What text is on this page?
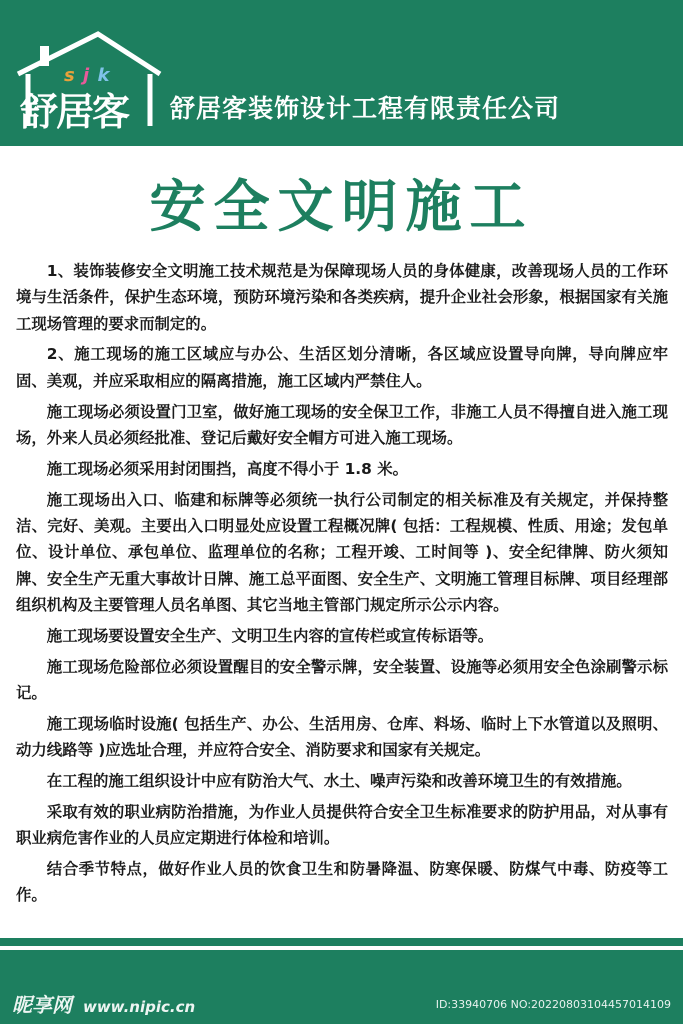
s j k
舒居客	舒居客装饰设计工程有限责任公司
安全文明施工

1、装饰装修安全文明施工技术规范是为保障现场人员的身体健康，改善现场人员的工作环境与生活条件，保护生态环境，预防环境污染和各类疾病，提升企业社会形象，根据国家有关施工现场管理的要求而制定的。

2、施工现场的施工区域应与办公、生活区划分清晰，各区域应设置导向牌，导向牌应牢固、美观，并应采取相应的隔离措施，施工区域内严禁住人。

施工现场必须设置门卫室，做好施工现场的安全保卫工作，非施工人员不得擅自进入施工现场，外来人员必须经批准、登记后戴好安全帽方可进入施工现场。

施工现场必须采用封闭围挡，高度不得小于 1.8 米。

施工现场出入口、临建和标牌等必须统一执行公司制定的相关标准及有关规定，并保持整洁、完好、美观。主要出入口明显处应设置工程概况牌( 包括：工程规模、性质、用途；发包单位、设计单位、承包单位、监理单位的名称；工程开竣、工时间等 )、安全纪律牌、防火须知牌、安全生产无重大事故计日牌、施工总平面图、安全生产、文明施工管理目标牌、项目经理部组织机构及主要管理人员名单图、其它当地主管部门规定所示公示内容。

施工现场要设置安全生产、文明卫生内容的宣传栏或宣传标语等。

施工现场危险部位必须设置醒目的安全警示牌，安全装置、设施等必须用安全色涂刷警示标记。

施工现场临时设施( 包括生产、办公、生活用房、仓库、料场、临时上下水管道以及照明、动力线路等 )应选址合理，并应符合安全、消防要求和国家有关规定。

在工程的施工组织设计中应有防治大气、水土、噪声污染和改善环境卫生的有效措施。

采取有效的职业病防治措施，为作业人员提供符合安全卫生标准要求的防护用品，对从事有职业病危害作业的人员应定期进行体检和培训。

结合季节特点，做好作业人员的饮食卫生和防暑降温、防寒保暖、防煤气中毒、防疫等工作。

昵享网 www.nipic.cn	ID:33940706 NO:20220803104457014109
